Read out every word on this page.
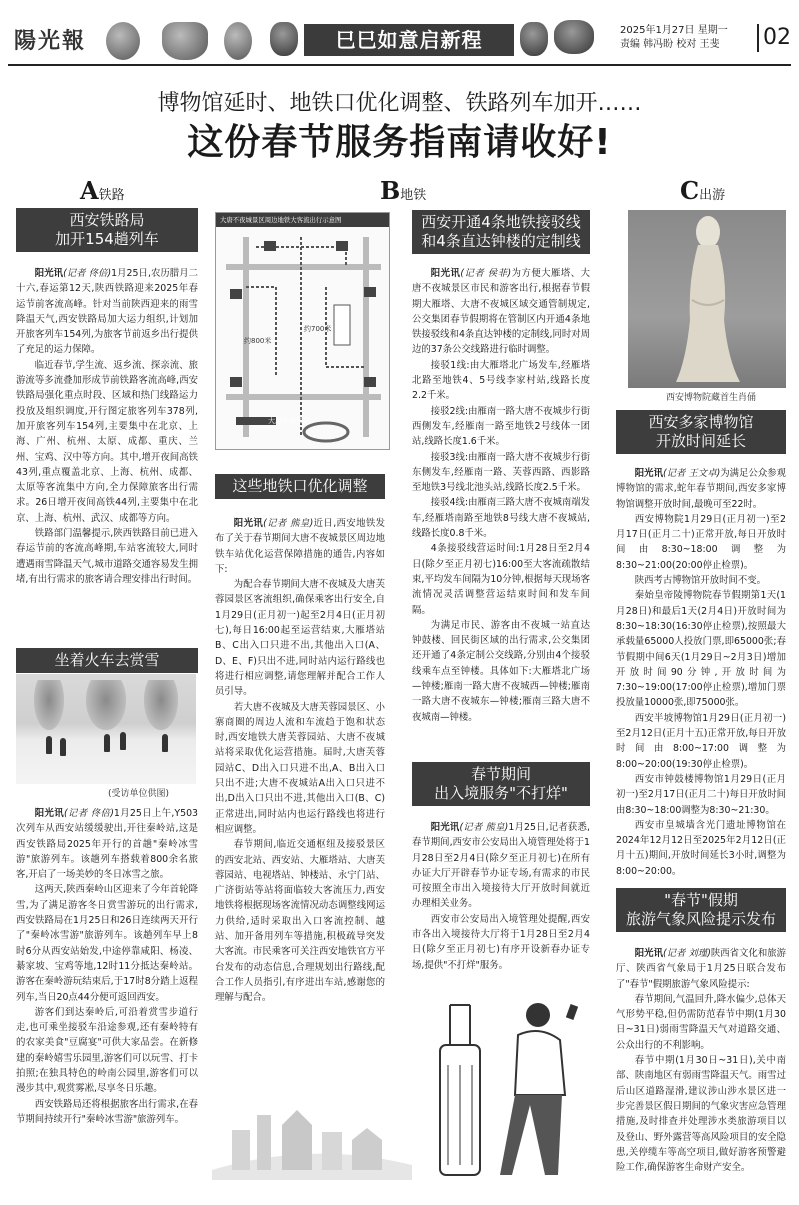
陽光報	巳巳如意启新程	2025年1月27日 星期一
责编 韩冯盼 校对 王斐	02
博物馆延时、地铁口优化调整、铁路列车加开……
这份春节服务指南请收好!
A铁路	B地铁	C出游
西安铁路局
加开154趟列车

阳光讯(记者 佟倍)1月25日,农历腊月二十六,春运第12天,陕西铁路迎来2025年春运节前客流高峰。针对当前陕西迎来的雨雪降温天气,西安铁路局加大运力组织,计划加开旅客列车154列,为旅客节前返乡出行提供了充足的运力保障。

临近春节,学生流、返乡流、探亲流、旅游流等多流叠加形成节前铁路客流高峰,西安铁路局强化重点时段、区域和热门线路运力投放及组织调度,开行图定旅客列车378列,加开旅客列车154列,主要集中在北京、上海、广州、杭州、太原、成都、重庆、兰州、宝鸡、汉中等方向。其中,增开夜间高铁43列,重点覆盖北京、上海、杭州、成都、太原等客流集中方向,全力保障旅客出行需求。26日增开夜间高铁44列,主要集中在北京、上海、杭州、武汉、成都等方向。

铁路部门温馨提示,陕西铁路目前已进入春运节前的客流高峰期,车站客流较大,同时遭遇雨雪降温天气,城市道路交通容易发生拥堵,有出行需求的旅客请合理安排出行时间。

坐着火车去赏雪
(受访单位供图)

阳光讯(记者 佟倍)1月25日上午,Y503次列车从西安站缓缓驶出,开往秦岭站,这是西安铁路局2025年开行的首趟"秦岭冰雪游"旅游列车。该趟列车搭载着800余名旅客,开启了一场美妙的冬日冰雪之旅。

这两天,陕西秦岭山区迎来了今年首轮降雪,为了满足游客冬日赏雪游玩的出行需求,西安铁路局在1月25日和26日连续两天开行了"秦岭冰雪游"旅游列车。该趟列车早上8时6分从西安站始发,中途停靠咸阳、杨凌、綦家坡、宝鸡等地,12时11分抵达秦岭站。游客在秦岭游玩结束后,于17时8分踏上返程列车,当日20点44分便可返回西安。

游客们到达秦岭后,可沿着赏雪步道行走,也可乘坐接驳车沿途参观,还有秦岭特有的农家美食"豆腐宴"可供大家品尝。在新修建的秦岭嬉雪乐园里,游客们可以玩雪、打卡拍照;在独具特色的岭南公园里,游客们可以漫步其中,观赏雾凇,尽享冬日乐趣。

西安铁路局还将根据旅客出行需求,在春节期间持续开行"秦岭冰雪游"旅游列车。

大唐不夜城景区周边地铁大客流出行示意图
大唐不夜城站
约700米
约800米
这些地铁口优化调整

阳光讯(记者 熊皇)近日,西安地铁发布了关于春节期间大唐不夜城景区周边地铁车站优化运营保障措施的通告,内容如下:

为配合春节期间大唐不夜城及大唐芙蓉园景区客流组织,确保乘客出行安全,自1月29日(正月初一)起至2月4日(正月初七),每日16:00起至运营结束,大雁塔站B、C出入口只进不出,其他出入口(A、D、E、F)只出不进,同时站内运行路线也将进行相应调整,请您理解并配合工作人员引导。

若大唐不夜城及大唐芙蓉园景区、小寨商圈的周边人流和车流趋于饱和状态时,西安地铁大唐芙蓉园站、大唐不夜城站将采取优化运营措施。届时,大唐芙蓉园站C、D出入口只进不出,A、B出入口只出不进;大唐不夜城站A出入口只进不出,D出入口只出不进,其他出入口(B、C)正常进出,同时站内也运行路线也将进行相应调整。

春节期间,临近交通枢纽及接驳景区的西安北站、西安站、大雁塔站、大唐芙蓉园站、电视塔站、钟楼站、永宁门站、广济街站等站将面临较大客流压力,西安地铁将根据现场客流情况动态调整线网运力供给,适时采取出入口客流控制、越站、加开备用列车等措施,积极疏导突发大客流。市民乘客可关注西安地铁官方平台发布的动态信息,合理规划出行路线,配合工作人员指引,有序进出车站,感谢您的理解与配合。

西安开通4条地铁接驳线
和4条直达钟楼的定制线

阳光讯(记者 侯菲)为方便大雁塔、大唐不夜城景区市民和游客出行,根据春节假期大雁塔、大唐不夜城区域交通管制规定,公交集团春节假期将在管制区内开通4条地铁接驳线和4条直达钟楼的定制线,同时对周边的37条公交线路进行临时调整。

接驳1线:由大雁塔北广场发车,经雁塔北路至地铁4、5号线李家村站,线路长度2.2千米。

接驳2线:由雁南一路大唐不夜城步行街西侧发车,经雁南一路至地铁2号线体一团站,线路长度1.6千米。

接驳3线:由雁南一路大唐不夜城步行街东侧发车,经雁南一路、芙蓉西路、西影路至地铁3号线北池头站,线路长度2.5千米。

接驳4线:由雁南三路大唐不夜城南端发车,经雁塔南路至地铁8号线大唐不夜城站,线路长度0.8千米。

4条接驳线营运时间:1月28日至2月4日(除夕至正月初七)16:00至大客流疏散结束,平均发车间隔为10分钟,根据每天现场客流情况灵活调整营运结束时间和发车间隔。

为满足市民、游客由不夜城一站直达钟鼓楼、回民街区域的出行需求,公交集团还开通了4条定制公交线路,分别由4个接驳线乘车点至钟楼。具体如下:大雁塔北广场—钟楼;雁南一路大唐不夜城西—钟楼;雁南一路大唐不夜城东—钟楼;雁南三路大唐不夜城南—钟楼。

春节期间
出入境服务"不打烊"

阳光讯(记者 熊皇)1月25日,记者获悉,春节期间,西安市公安局出入境管理处将于1月28日至2月4日(除夕至正月初七)在所有办证大厅开辟春节办证专场,有需求的市民可按照全市出入境接待大厅开放时间就近办理相关业务。

西安市公安局出入境管理处提醒,西安市各出入境接待大厅将于1月28日至2月4日(除夕至正月初七)有序开设新春办证专场,提供"不打烊"服务。

西安博物院藏首生肖俑
西安多家博物馆
开放时间延长

阳光讯(记者 王文卓)为满足公众参观博物馆的需求,蛇年春节期间,西安多家博物馆调整开放时间,最晚可至22时。

西安博物院1月29日(正月初一)至2月17日(正月二十)正常开放,每日开放时间由8:30~18:00调整为8:30~21:00(20:00停止检票)。

陕西考古博物馆开放时间不变。

秦始皇帝陵博物院春节假期第1天(1月28日)和最后1天(2月4日)开放时间为8:30~18:30(16:30停止检票),按照最大承载量65000人投放门票,即65000张;春节假期中间6天(1月29日~2月3日)增加开放时间90分钟,开放时间为7:30~19:00(17:00停止检票),增加门票投放量10000张,即75000张。

西安半坡博物馆1月29日(正月初一)至2月12日(正月十五)正常开放,每日开放时间由8:00~17:00调整为8:00~20:00(19:30停止检票)。

西安市钟鼓楼博物馆1月29日(正月初一)至2月17日(正月二十)每日开放时间由8:30~18:00调整为8:30~21:30。

西安市皇城墙含光门遗址博物馆在2024年12月12日至2025年2月12日(正月十五)期间,开放时间延长3小时,调整为8:00~20:00。

"春节"假期
旅游气象风险提示发布

阳光讯(记者 刘瑾)陕西省文化和旅游厅、陕西省气象局于1月25日联合发布了"春节"假期旅游气象风险提示:

春节期间,气温回升,降水偏少,总体天气形势平稳,但仍需防范春节中期(1月30日~31日)弱雨雪降温天气对道路交通、公众出行的不利影响。

春节中期(1月30日~31日),关中南部、陕南地区有弱雨雪降温天气。雨雪过后山区道路湿滑,建议涉山涉水景区进一步完善景区假日期间的气象灾害应急管理措施,及时排查并处理涉水类旅游项目以及登山、野外露营等高风险项目的安全隐患,关停缆车等高空项目,做好游客预警避险工作,确保游客生命财产安全。
